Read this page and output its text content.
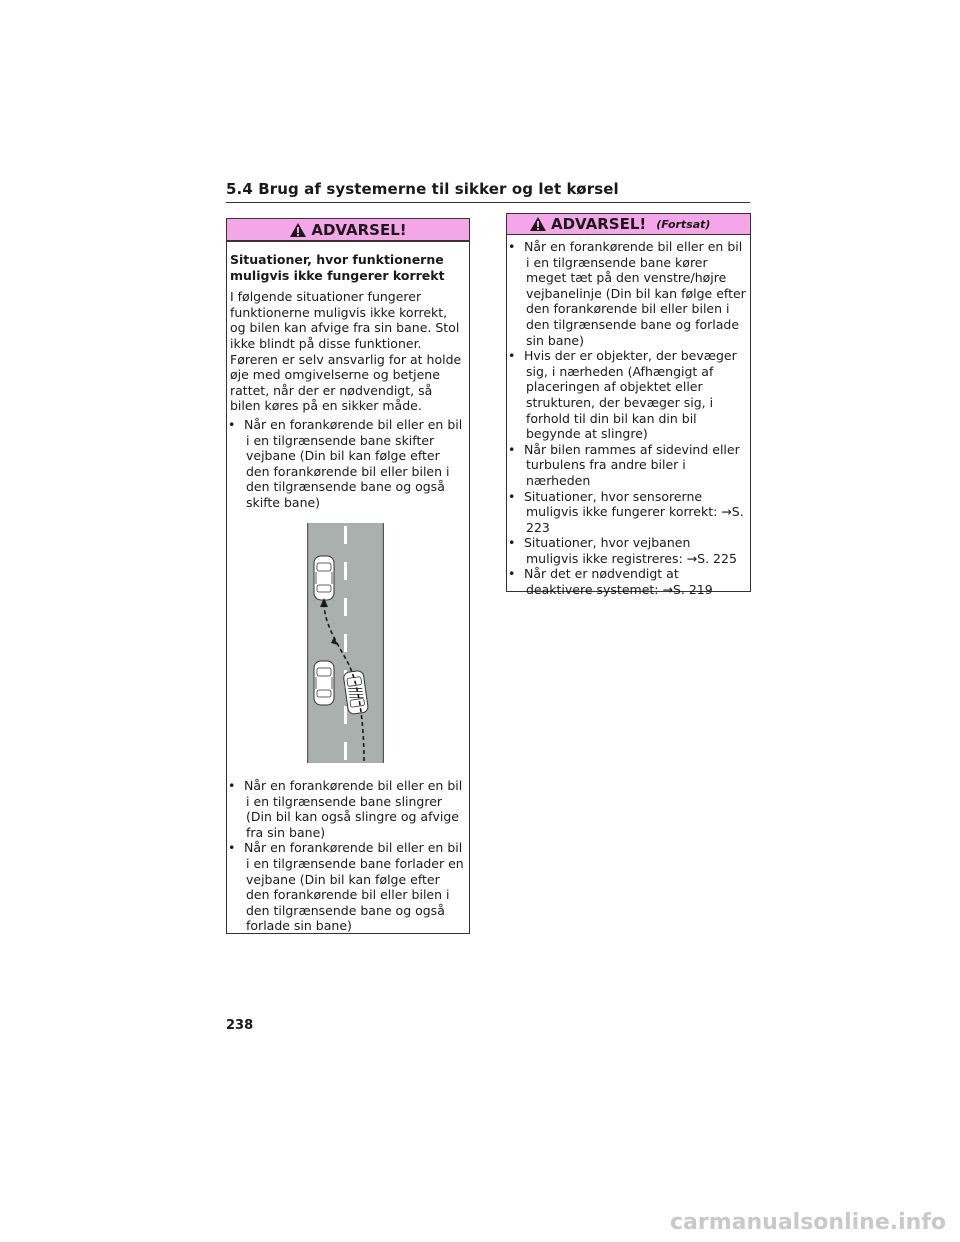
5.4 Brug af systemerne til sikker og let kørsel
ADVARSEL!

Situationer, hvor funktionerne muligvis ikke fungerer korrekt

I følgende situationer fungerer funktionerne muligvis ikke korrekt, og bilen kan afvige fra sin bane. Stol ikke blindt på disse funktioner. Føreren er selv ansvarlig for at holde øje med omgivelserne og betjene rattet, når der er nødvendigt, så bilen køres på en sikker måde.

• Når en forankørende bil eller en bil i en tilgrænsende bane skifter vejbane (Din bil kan følge efter den forankørende bil eller bilen i den tilgrænsende bane og også skifte bane)
• Når en forankørende bil eller en bil i en tilgrænsende bane slingrer (Din bil kan også slingre og afvige fra sin bane)
• Når en forankørende bil eller en bil i en tilgrænsende bane forlader en vejbane (Din bil kan følge efter den forankørende bil eller bilen i den tilgrænsende bane og også forlade sin bane)
ADVARSEL! (Fortsat)
• Når en forankørende bil eller en bil i en tilgrænsende bane kører meget tæt på den venstre/højre vejbanelinje (Din bil kan følge efter den forankørende bil eller bilen i den tilgrænsende bane og forlade sin bane)
• Hvis der er objekter, der bevæger sig, i nærheden (Afhængigt af placeringen af objektet eller strukturen, der bevæger sig, i forhold til din bil kan din bil begynde at slingre)
• Når bilen rammes af sidevind eller turbulens fra andre biler i nærheden
• Situationer, hvor sensorerne muligvis ikke fungerer korrekt: →S. 223
• Situationer, hvor vejbanen muligvis ikke registreres: →S. 225
• Når det er nødvendigt at deaktivere systemet: →S. 219
238
carmanualsonline.info
